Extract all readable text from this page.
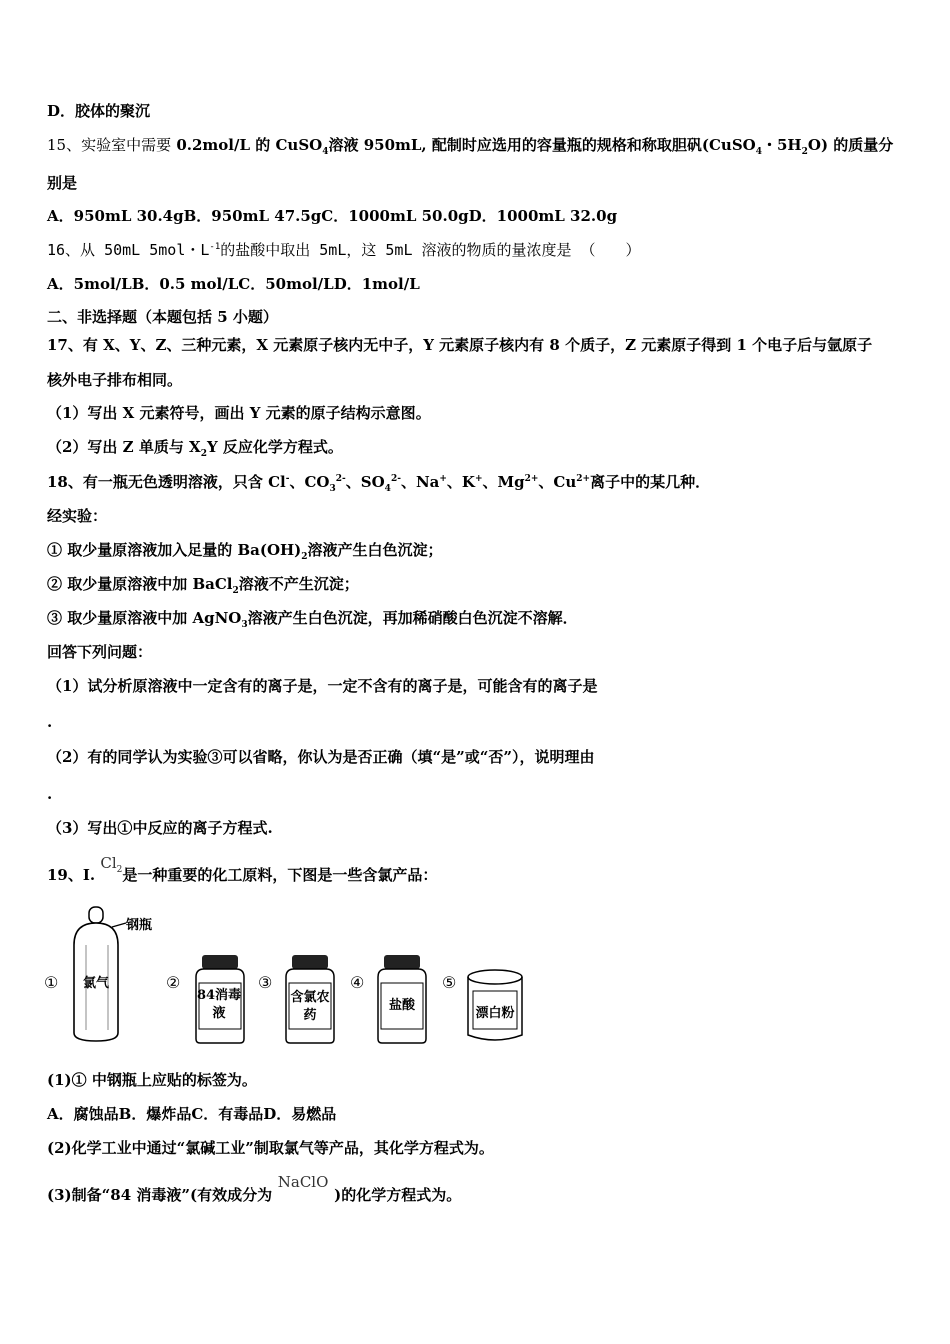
D．胶体的聚沉
15、实验室中需要 0.2mol/L 的 CuSO$_4$溶液 950mL, 配制时应选用的容量瓶的规格和称取胆矾(CuSO$_4$・$5H_2O$) 的质量分
别是
A．950mL 30.4gB．950mL 47.5gC．1000mL 50.0gD．1000mL 32.0g
16、从 50mL 5mol・$L^{-1}$的盐酸中取出 5mL，这 5mL 溶液的物质的量浓度是 （　　）
A．5mol/LB．0.5 mol/LC．50mol/LD．1mol/L
二、非选择题（本题包括 5 小题）
17、有 X、Y、Z、三种元素，X 元素原子核内无中子，Y 元素原子核内有 8 个质子，Z 元素原子得到 1 个电子后与氩原子
核外电子排布相同。
（1）写出 X 元素符号，画出 Y 元素的原子结构示意图。
（2）写出 Z 单质与 $X_2Y$ 反应化学方程式。
18、有一瓶无色透明溶液，只含 Cl-、$CO_3^{2-}$、$SO_4^{2-}$、Na+、K+、$Mg^{2+}$、$Cu^{2+}$离子中的某几种．
经实验：
① 取少量原溶液加入足量的 $Ba(OH)_2$溶液产生白色沉淀；
② 取少量原溶液中加 BaCl$_2$溶液不产生沉淀；
③ 取少量原溶液中加 AgNO$_3$溶液产生白色沉淀，再加稀硝酸白色沉淀不溶解．
回答下列问题：
（1）试分析原溶液中一定含有的离子是，一定不含有的离子是，可能含有的离子是
.
（2）有的同学认为实验③可以省略，你认为是否正确（填“是”或“否”），说明理由
.
（3）写出①中反应的离子方程式.
19、I. $Cl_2$是一种重要的化工原料，下图是一些含氯产品：
①
钢瓶
氯气	②
84消毒液
③
含氯农药
④
盐酸
⑤
漂白粉
(1)① 中钢瓶上应贴的标签为。
A．腐蚀品B．爆炸品C．有毒品D．易燃品
(2)化学工业中通过“氯碱工业”制取氯气等产品，其化学方程式为。
(3)制备“84 消毒液”(有效成分为NaClO)的化学方程式为。
